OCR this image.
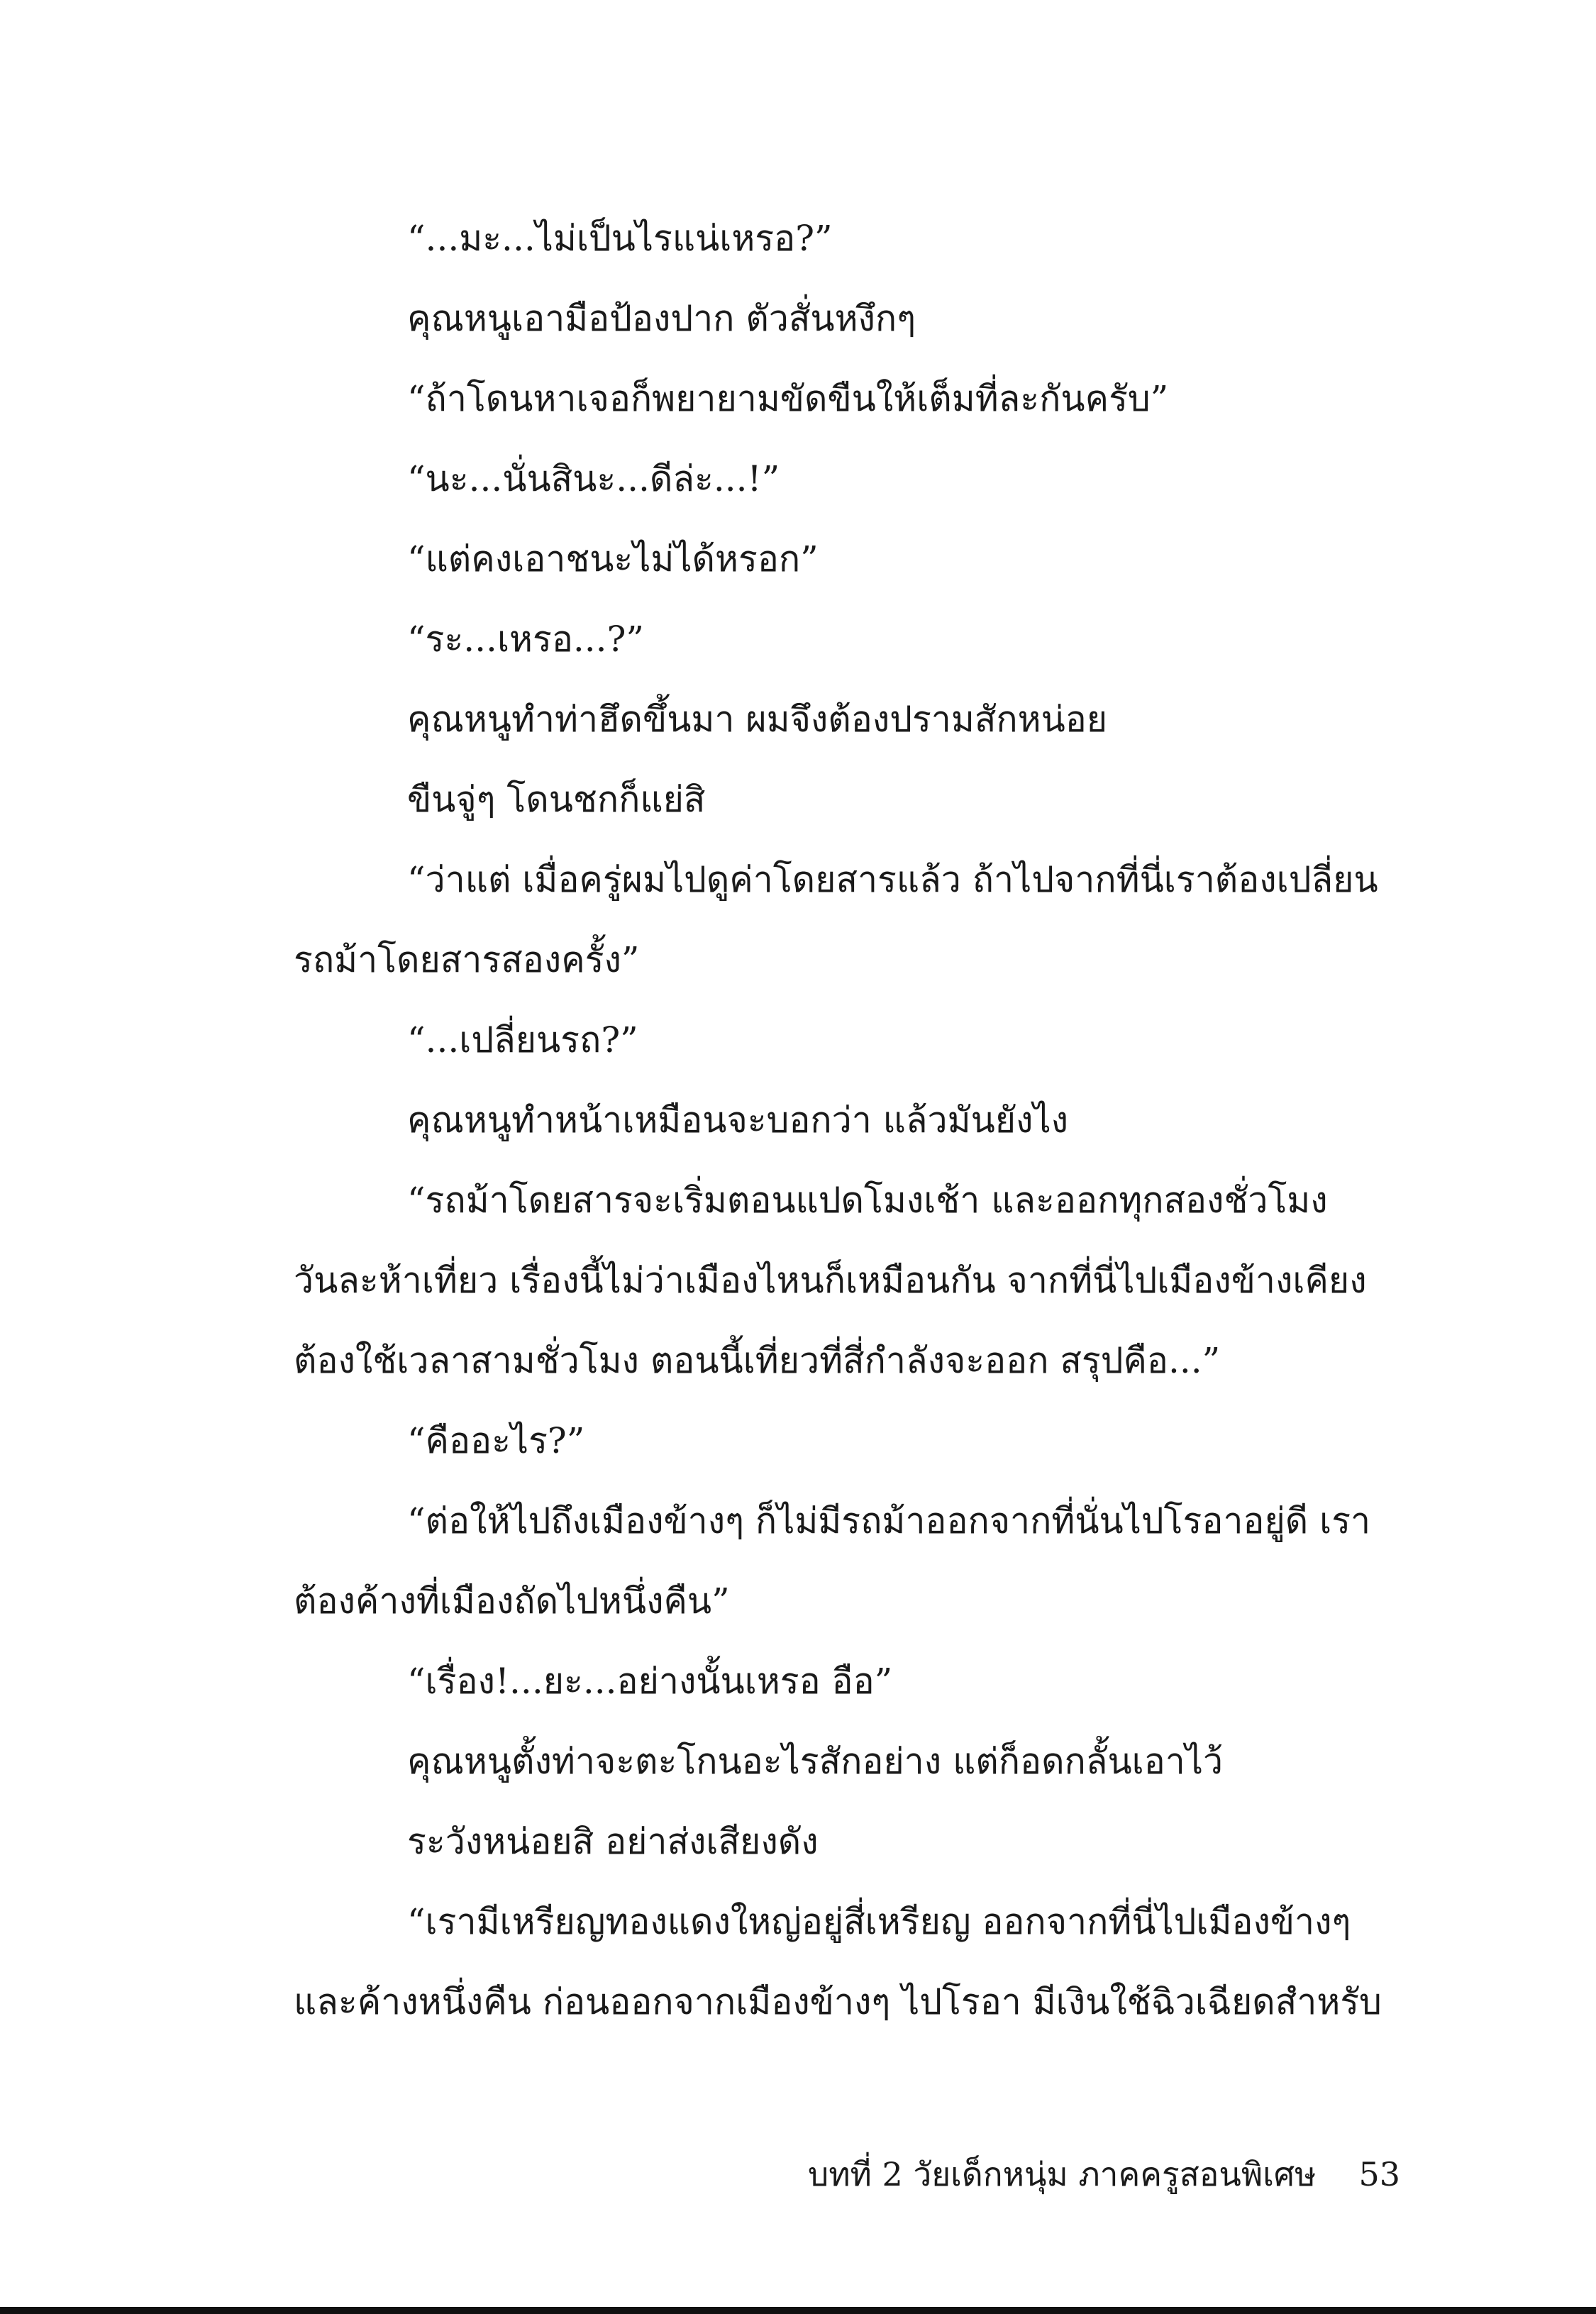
“...มะ...ไม่เป็นไรแน่เหรอ?”
คุณหนูเอามือป้องปาก ตัวสั่นหงึกๆ
“ถ้าโดนหาเจอก็พยายามขัดขืนให้เต็มที่ละกันครับ”
“นะ...นั่นสินะ...ดีล่ะ...!”
“แต่คงเอาชนะไม่ได้หรอก”
“ระ...เหรอ...?”
คุณหนูทำท่าฮึดขึ้นมา ผมจึงต้องปรามสักหน่อย
ขืนจู่ๆ โดนชกก็แย่สิ
“ว่าแต่ เมื่อครู่ผมไปดูค่าโดยสารแล้ว ถ้าไปจากที่นี่เราต้องเปลี่ยน
รถม้าโดยสารสองครั้ง”
“...เปลี่ยนรถ?”
คุณหนูทำหน้าเหมือนจะบอกว่า แล้วมันยังไง
“รถม้าโดยสารจะเริ่มตอนแปดโมงเช้า และออกทุกสองชั่วโมง
วันละห้าเที่ยว เรื่องนี้ไม่ว่าเมืองไหนก็เหมือนกัน จากที่นี่ไปเมืองข้างเคียง
ต้องใช้เวลาสามชั่วโมง ตอนนี้เที่ยวที่สี่กำลังจะออก สรุปคือ...”
“คืออะไร?”
“ต่อให้ไปถึงเมืองข้างๆ ก็ไม่มีรถม้าออกจากที่นั่นไปโรอาอยู่ดี เรา
ต้องค้างที่เมืองถัดไปหนึ่งคืน”
“เรื่อง!...ยะ...อย่างนั้นเหรอ อือ”
คุณหนูตั้งท่าจะตะโกนอะไรสักอย่าง แต่ก็อดกลั้นเอาไว้
ระวังหน่อยสิ อย่าส่งเสียงดัง
“เรามีเหรียญทองแดงใหญ่อยู่สี่เหรียญ ออกจากที่นี่ไปเมืองข้างๆ
และค้างหนึ่งคืน ก่อนออกจากเมืองข้างๆ ไปโรอา มีเงินใช้ฉิวเฉียดสำหรับ
บทที่ 2 วัยเด็กหนุ่ม ภาคครูสอนพิเศษ 53
